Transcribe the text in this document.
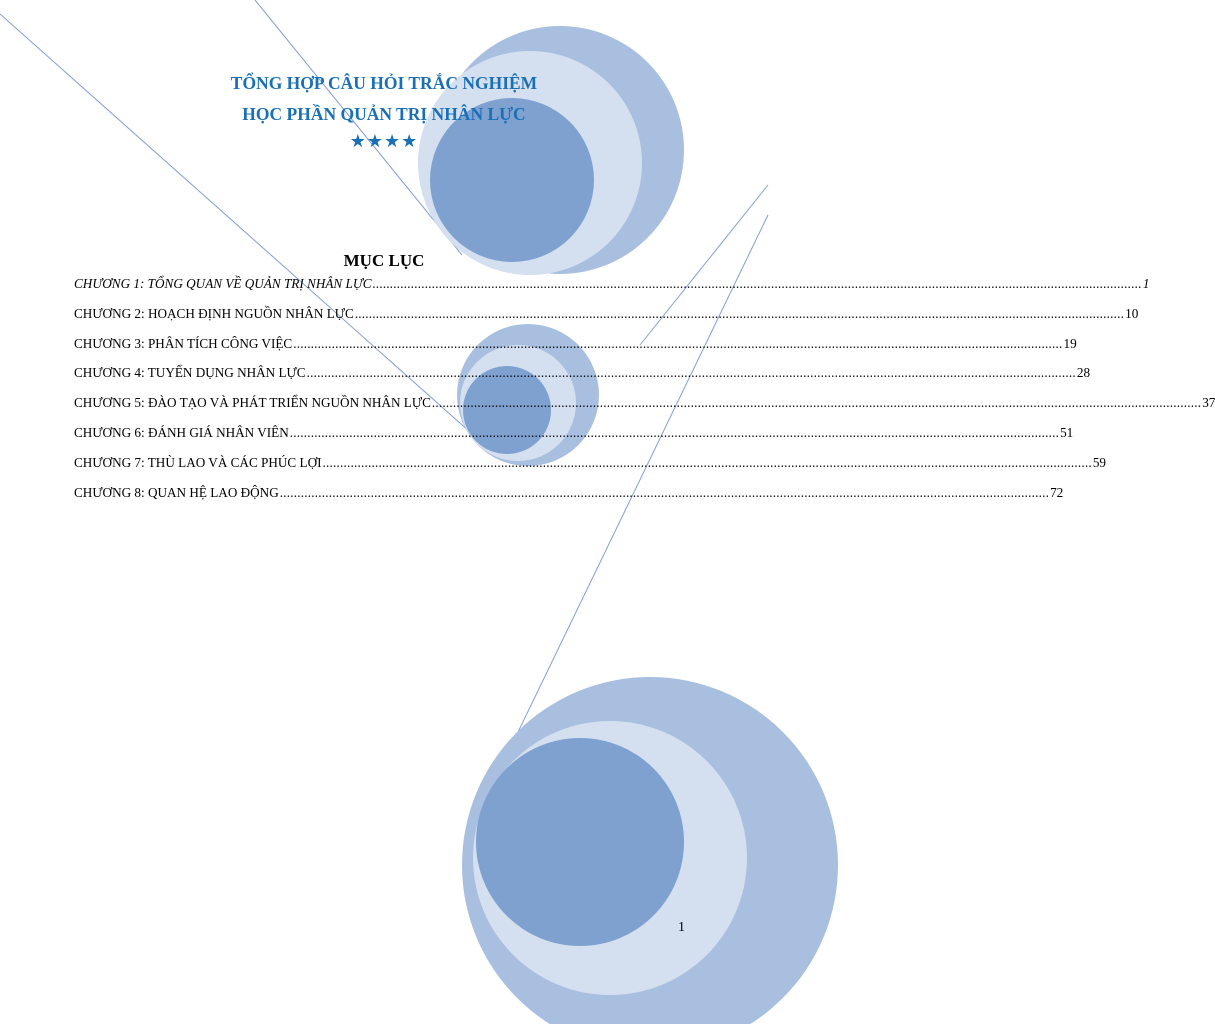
TỔNG HỢP CÂU HỎI TRẮC NGHIỆM
HỌC PHẦN QUẢN TRỊ NHÂN LỰC
★★★★
MỤC LỤC
CHƯƠNG 1: TỔNG QUAN VỀ QUẢN TRỊ NHÂN LỰC ............................................................................................................................................................................................................................ 1
CHƯƠNG 2: HOẠCH ĐỊNH NGUỒN NHÂN LỰC ............................................................................................................................................................................................................................ 10
CHƯƠNG 3: PHÂN TÍCH CÔNG VIỆC ............................................................................................................................................................................................................................ 19
CHƯƠNG 4: TUYỂN DỤNG NHÂN LỰC ............................................................................................................................................................................................................................ 28
CHƯƠNG 5: ĐÀO TẠO VÀ PHÁT TRIỂN NGUỒN NHÂN LỰC ............................................................................................................................................................................................................................ 37
CHƯƠNG 6: ĐÁNH GIÁ NHÂN VIÊN ............................................................................................................................................................................................................................ 51
CHƯƠNG 7: THÙ LAO VÀ CÁC PHÚC LỢI ............................................................................................................................................................................................................................ 59
CHƯƠNG 8: QUAN HỆ LAO ĐỘNG ............................................................................................................................................................................................................................ 72
1
